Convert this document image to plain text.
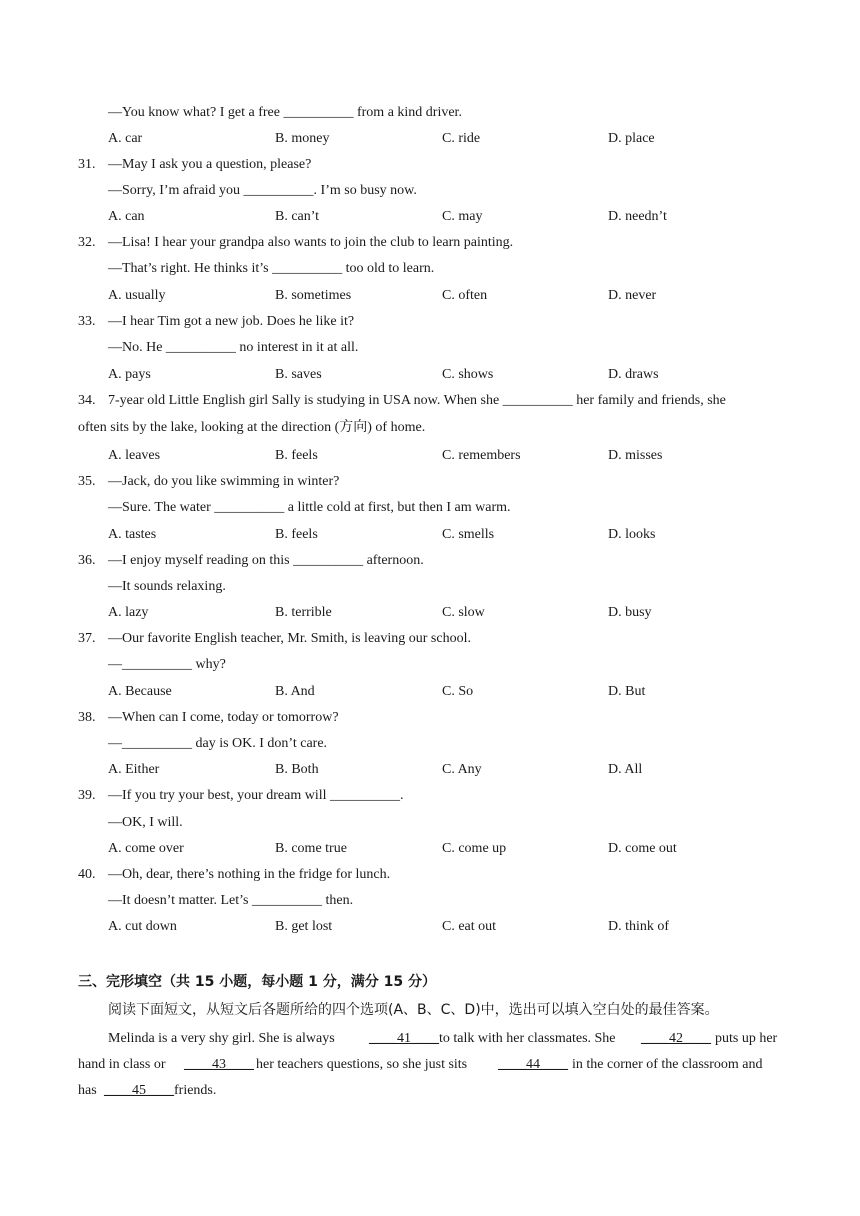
—You know what? I get a free __________ from a kind driver.
A. car	B. money	C. ride	D. place
31. —May I ask you a question, please?
—Sorry, I’m afraid you __________. I’m so busy now.
A. can	B. can’t	C. may	D. needn’t
32. —Lisa! I hear your grandpa also wants to join the club to learn painting.
—That’s right. He thinks it’s __________ too old to learn.
A. usually	B. sometimes	C. often	D. never
33. —I hear Tim got a new job. Does he like it?
—No. He __________ no interest in it at all.
A. pays	B. saves	C. shows	D. draws
34. 7-year old Little English girl Sally is studying in USA now. When she __________ her family and friends, she
often sits by the lake, looking at the direction (方向) of home.
A. leaves	B. feels	C. remembers	D. misses
35. —Jack, do you like swimming in winter?
—Sure. The water __________ a little cold at first, but then I am warm.
A. tastes	B. feels	C. smells	D. looks
36. —I enjoy myself reading on this __________ afternoon.
—It sounds relaxing.
A. lazy	B. terrible	C. slow	D. busy
37. —Our favorite English teacher, Mr. Smith, is leaving our school.
—__________ why?
A. Because	B. And	C. So	D. But
38. —When can I come, today or tomorrow?
—__________ day is OK. I don’t care.
A. Either	B. Both	C. Any	D. All
39. —If you try your best, your dream will __________.
—OK, I will.
A. come over	B. come true	C. come up	D. come out
40. —Oh, dear, there’s nothing in the fridge for lunch.
—It doesn’t matter. Let’s __________ then.
A. cut down	B. get lost	C. eat out	D. think of
三、完形填空（共 15 小题，每小题 1 分，满分 15 分）
阅读下面短文，从短文后各题所给的四个选项(A、B、C、D)中，选出可以填入空白处的最佳答案。
Melinda is a very shy girl. She is always ____41____ to talk with her classmates. She ____42____ puts up her
hand in class or ____43____ her teachers questions, so she just sits ____44____ in the corner of the classroom and
has ____45____ friends.
